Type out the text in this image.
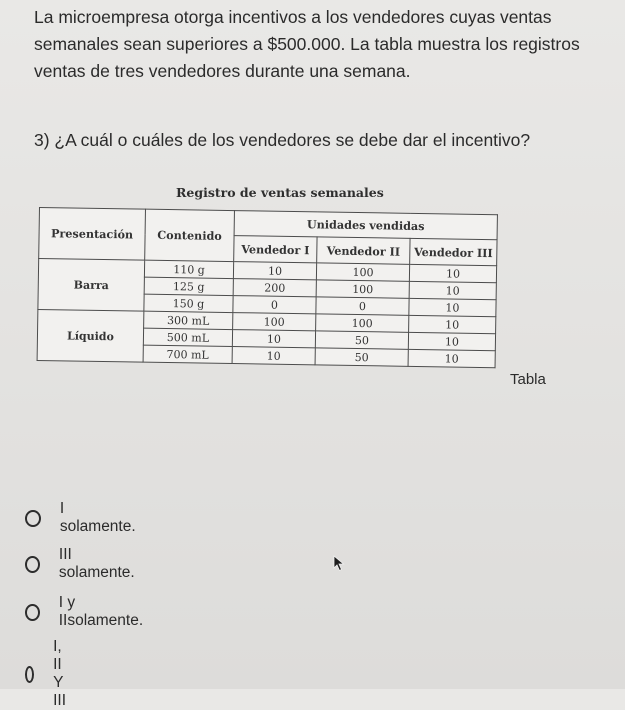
La microempresa otorga incentivos a los vendedores cuyas ventas semanales sean superiores a $500.000. La tabla muestra los registros ventas de tres vendedores durante una semana.
3) ¿A cuál o cuáles de los vendedores se debe dar el incentivo?
Registro de ventas semanales
Presentación	Contenido	Unidades vendidas		
		Vendedor I	Vendedor II	Vendedor III
Barra	110 g	10	100	10
	125 g	200	100	10
	150 g	0	0	10
Líquido	300 mL	100	100	10
	500 mL	10	50	10
	700 mL	10	50	10
Tabla
I solamente.
III solamente.
I y IIsolamente.
I, II Y III
